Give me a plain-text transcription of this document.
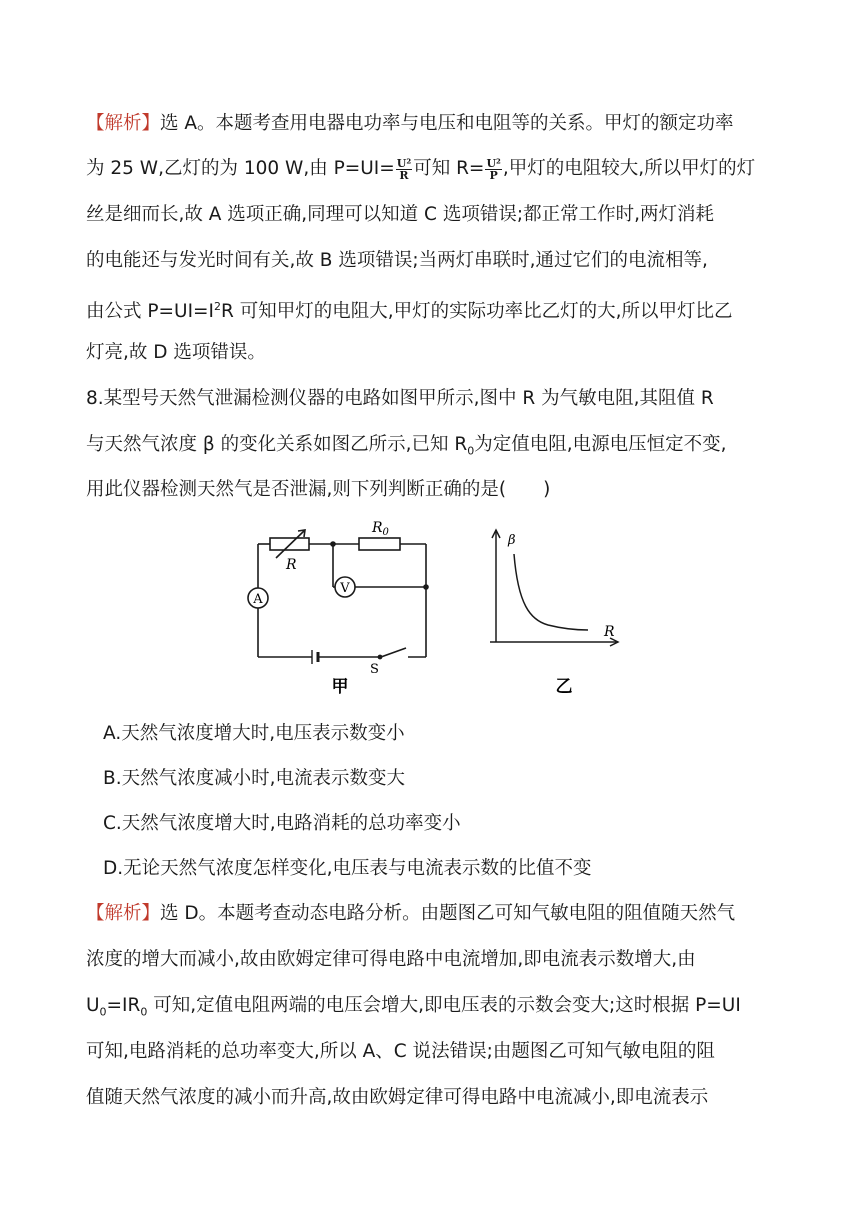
【解析】选 A。本题考查用电器电功率与电压和电阻等的关系。甲灯的额定功率
为 25 W,乙灯的为 100 W,由 $P=UI= \frac{\text{U²}}{R}$ 可知 $R= \frac{\text{U²}}{P}$ ,甲灯的电阻较大,所以甲灯的灯
丝是细而长,故 A 选项正确,同理可以知道 C 选项错误;都正常工作时,两灯消耗
的电能还与发光时间有关,故 B 选项错误;当两灯串联时,通过它们的电流相等,
由公式 $P=UI=I^2R$ 可知甲灯的电阻大,甲灯的实际功率比乙灯的大,所以甲灯比乙
灯亮,故 D 选项错误。
8.某型号天然气泄漏检测仪器的电路如图甲所示,图中 R 为气敏电阻,其阻值 R
与天然气浓度 β 的变化关系如图乙所示,已知 $R_0$为定值电阻,电源电压恒定不变,
用此仪器检测天然气是否泄漏,则下列判断正确的是(　　)
R
$R_0$
A
V
S
甲
β
R
乙
A.天然气浓度增大时,电压表示数变小
B.天然气浓度减小时,电流表示数变大
C.天然气浓度增大时,电路消耗的总功率变小
D.无论天然气浓度怎样变化,电压表与电流表示数的比值不变
【解析】选 D。本题考查动态电路分析。由题图乙可知气敏电阻的阻值随天然气
浓度的增大而减小,故由欧姆定律可得电路中电流增加,即电流表示数增大,由
$U_0=IR_0$ 可知,定值电阻两端的电压会增大,即电压表的示数会变大;这时根据 P=UI
可知,电路消耗的总功率变大,所以 A、C 说法错误;由题图乙可知气敏电阻的阻
值随天然气浓度的减小而升高,故由欧姆定律可得电路中电流减小,即电流表示
